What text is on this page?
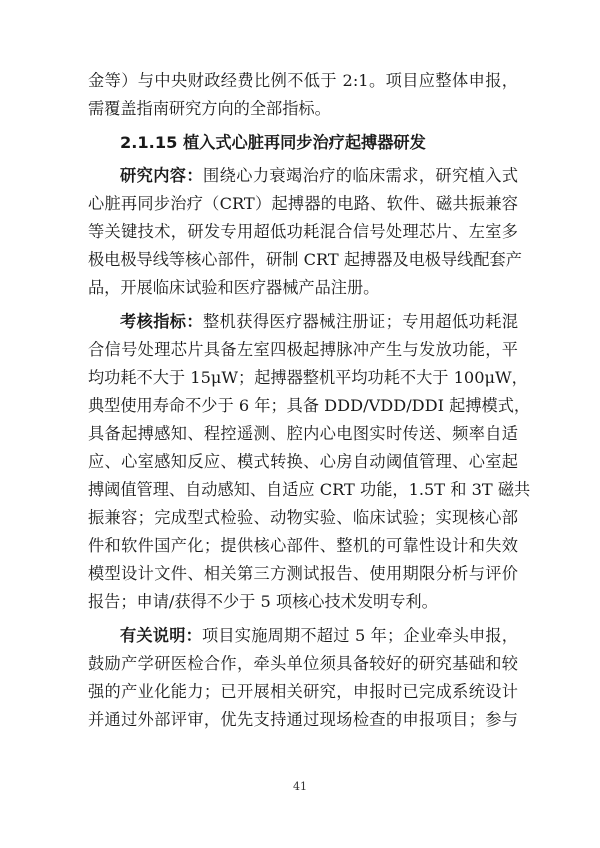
金等）与中央财政经费比例不低于 2:1。项目应整体申报，
需覆盖指南研究方向的全部指标。
2.1.15 植入式心脏再同步治疗起搏器研发
研究内容：围绕心力衰竭治疗的临床需求，研究植入式
心脏再同步治疗（CRT）起搏器的电路、软件、磁共振兼容
等关键技术，研发专用超低功耗混合信号处理芯片、左室多
极电极导线等核心部件，研制 CRT 起搏器及电极导线配套产
品，开展临床试验和医疗器械产品注册。
考核指标：整机获得医疗器械注册证；专用超低功耗混
合信号处理芯片具备左室四极起搏脉冲产生与发放功能，平
均功耗不大于 15μW；起搏器整机平均功耗不大于 100μW，
典型使用寿命不少于 6 年；具备 DDD/VDD/DDI 起搏模式，
具备起搏感知、程控遥测、腔内心电图实时传送、频率自适
应、心室感知反应、模式转换、心房自动阈值管理、心室起
搏阈值管理、自动感知、自适应 CRT 功能，1.5T 和 3T 磁共
振兼容；完成型式检验、动物实验、临床试验；实现核心部
件和软件国产化；提供核心部件、整机的可靠性设计和失效
模型设计文件、相关第三方测试报告、使用期限分析与评价
报告；申请/获得不少于 5 项核心技术发明专利。
有关说明：项目实施周期不超过 5 年；企业牵头申报，
鼓励产学研医检合作，牵头单位须具备较好的研究基础和较
强的产业化能力；已开展相关研究，申报时已完成系统设计
并通过外部评审，优先支持通过现场检查的申报项目；参与
41
